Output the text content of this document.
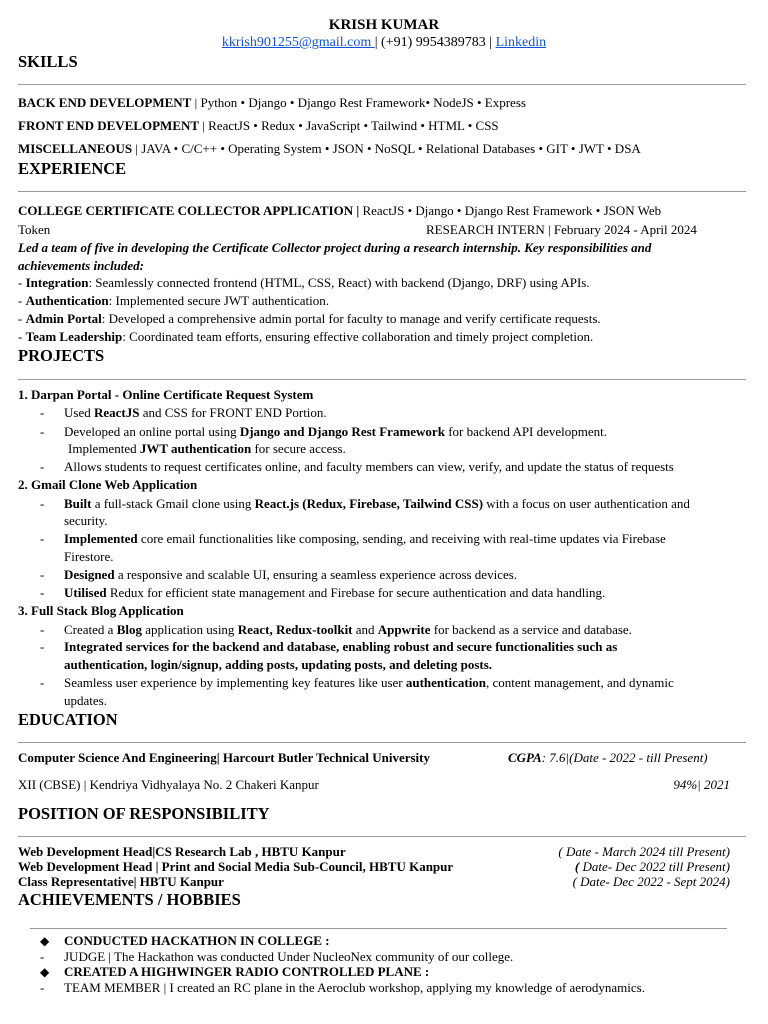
KRISH KUMAR
kkrish901255@gmail.com | (+91) 9954389783 | Linkedin
SKILLS
BACK END DEVELOPMENT | Python • Django • Django Rest Framework• NodeJS • Express
FRONT END DEVELOPMENT | ReactJS • Redux • JavaScript • Tailwind • HTML • CSS
MISCELLANEOUS | JAVA • C/C++ • Operating System • JSON • NoSQL • Relational Databases • GIT • JWT • DSA
EXPERIENCE
COLLEGE CERTIFICATE COLLECTOR APPLICATION | ReactJS • Django • Django Rest Framework • JSON Web
Token	RESEARCH INTERN | February 2024 - April 2024
Led a team of five in developing the Certificate Collector project during a research internship. Key responsibilities and
achievements included:
- Integration: Seamlessly connected frontend (HTML, CSS, React) with backend (Django, DRF) using APIs.
- Authentication: Implemented secure JWT authentication.
- Admin Portal: Developed a comprehensive admin portal for faculty to manage and verify certificate requests.
- Team Leadership: Coordinated team efforts, ensuring effective collaboration and timely project completion.
PROJECTS
1. Darpan Portal - Online Certificate Request System
- Used ReactJS and CSS for FRONT END Portion.
- Developed an online portal using Django and Django Rest Framework for backend API development.
Implemented JWT authentication for secure access.
- Allows students to request certificates online, and faculty members can view, verify, and update the status of requests
2. Gmail Clone Web Application
- Built a full-stack Gmail clone using React.js (Redux, Firebase, Tailwind CSS) with a focus on user authentication and
security.
- Implemented core email functionalities like composing, sending, and receiving with real-time updates via Firebase
Firestore.
- Designed a responsive and scalable UI, ensuring a seamless experience across devices.
- Utilised Redux for efficient state management and Firebase for secure authentication and data handling.
3. Full Stack Blog Application
- Created a Blog application using React, Redux-toolkit and Appwrite for backend as a service and database.
- Integrated services for the backend and database, enabling robust and secure functionalities such as
authentication, login/signup, adding posts, updating posts, and deleting posts.
- Seamless user experience by implementing key features like user authentication, content management, and dynamic
updates.
EDUCATION
Computer Science And Engineering| Harcourt Butler Technical University	CGPA: 7.6|(Date - 2022 - till Present)
XII (CBSE) | Kendriya Vidhyalaya No. 2 Chakeri Kanpur	94%| 2021
POSITION OF RESPONSIBILITY
Web Development Head|CS Research Lab , HBTU Kanpur	( Date - March 2024 till Present)
Web Development Head | Print and Social Media Sub-Council, HBTU Kanpur	( Date- Dec 2022 till Present)
Class Representative| HBTU Kanpur	( Date- Dec 2022 - Sept 2024)
ACHIEVEMENTS / HOBBIES
◆ CONDUCTED HACKATHON IN COLLEGE :
- JUDGE | The Hackathon was conducted Under NucleoNex community of our college.
◆ CREATED A HIGHWINGER RADIO CONTROLLED PLANE :
- TEAM MEMBER | I created an RC plane in the Aeroclub workshop, applying my knowledge of aerodynamics.
